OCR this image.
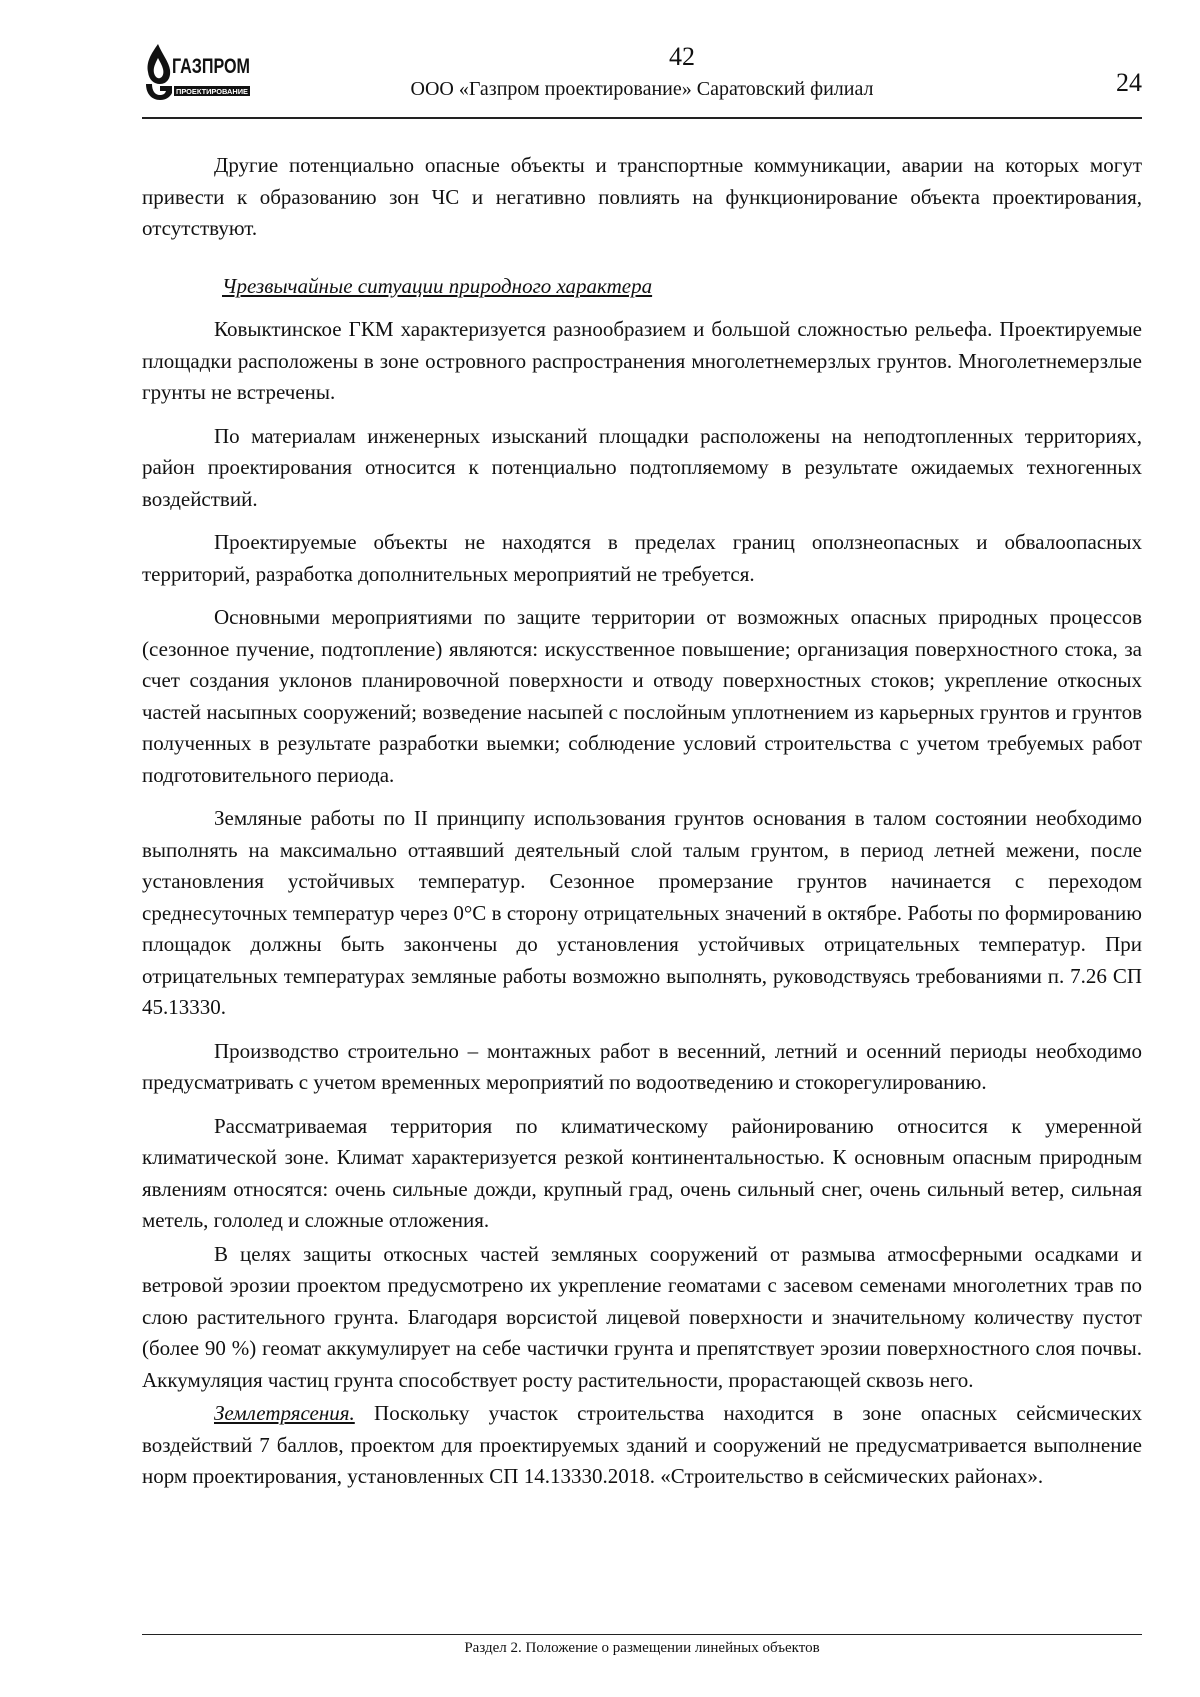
ГАЗПРОМ
ПРОЕКТИРОВАНИЕ
42
ООО «Газпром проектирование» Саратовский филиал	24

Другие потенциально опасные объекты и транспортные коммуникации, аварии на которых могут привести к образованию зон ЧС и негативно повлиять на функционирование объекта проектирования, отсутствуют.

Чрезвычайные ситуации природного характера

Ковыктинское ГКМ характеризуется разнообразием и большой сложностью рельефа. Проектируемые площадки расположены в зоне островного распространения многолетнемерзлых грунтов. Многолетнемерзлые грунты не встречены.

По материалам инженерных изысканий площадки расположены на неподтопленных территориях, район проектирования относится к потенциально подтопляемому в результате ожидаемых техногенных воздействий.

Проектируемые объекты не находятся в пределах границ оползнеопасных и обвалоопасных территорий, разработка дополнительных мероприятий не требуется.

Основными мероприятиями по защите территории от возможных опасных природных процессов (сезонное пучение, подтопление) являются: искусственное повышение; организация поверхностного стока, за счет создания уклонов планировочной поверхности и отводу поверхностных стоков; укрепление откосных частей насыпных сооружений; возведение насыпей с послойным уплотнением из карьерных грунтов и грунтов полученных в результате разработки выемки; соблюдение условий строительства с учетом требуемых работ подготовительного периода.

Земляные работы по II принципу использования грунтов основания в талом состоянии необходимо выполнять на максимально оттаявший деятельный слой талым грунтом, в период летней межени, после установления устойчивых температур. Сезонное промерзание грунтов начинается с переходом среднесуточных температур через 0°С в сторону отрицательных значений в октябре. Работы по формированию площадок должны быть закончены до установления устойчивых отрицательных температур. При отрицательных температурах земляные работы возможно выполнять, руководствуясь требованиями п. 7.26 СП 45.13330.

Производство строительно – монтажных работ в весенний, летний и осенний периоды необходимо предусматривать с учетом временных мероприятий по водоотведению и стокорегулированию.

Рассматриваемая территория по климатическому районированию относится к умеренной климатической зоне. Климат характеризуется резкой континентальностью. К основным опасным природным явлениям относятся: очень сильные дожди, крупный град, очень сильный снег, очень сильный ветер, сильная метель, гололед и сложные отложения.

В целях защиты откосных частей земляных сооружений от размыва атмосферными осадками и ветровой эрозии проектом предусмотрено их укрепление геоматами с засевом семенами многолетних трав по слою растительного грунта. Благодаря ворсистой лицевой поверхности и значительному количеству пустот (более 90 %) геомат аккумулирует на себе частички грунта и препятствует эрозии поверхностного слоя почвы. Аккумуляция частиц грунта способствует росту растительности, прорастающей сквозь него.

Землетрясения. Поскольку участок строительства находится в зоне опасных сейсмических воздействий 7 баллов, проектом для проектируемых зданий и сооружений не предусматривается выполнение норм проектирования, установленных СП 14.13330.2018. «Строительство в сейсмических районах».

Раздел 2. Положение о размещении линейных объектов
